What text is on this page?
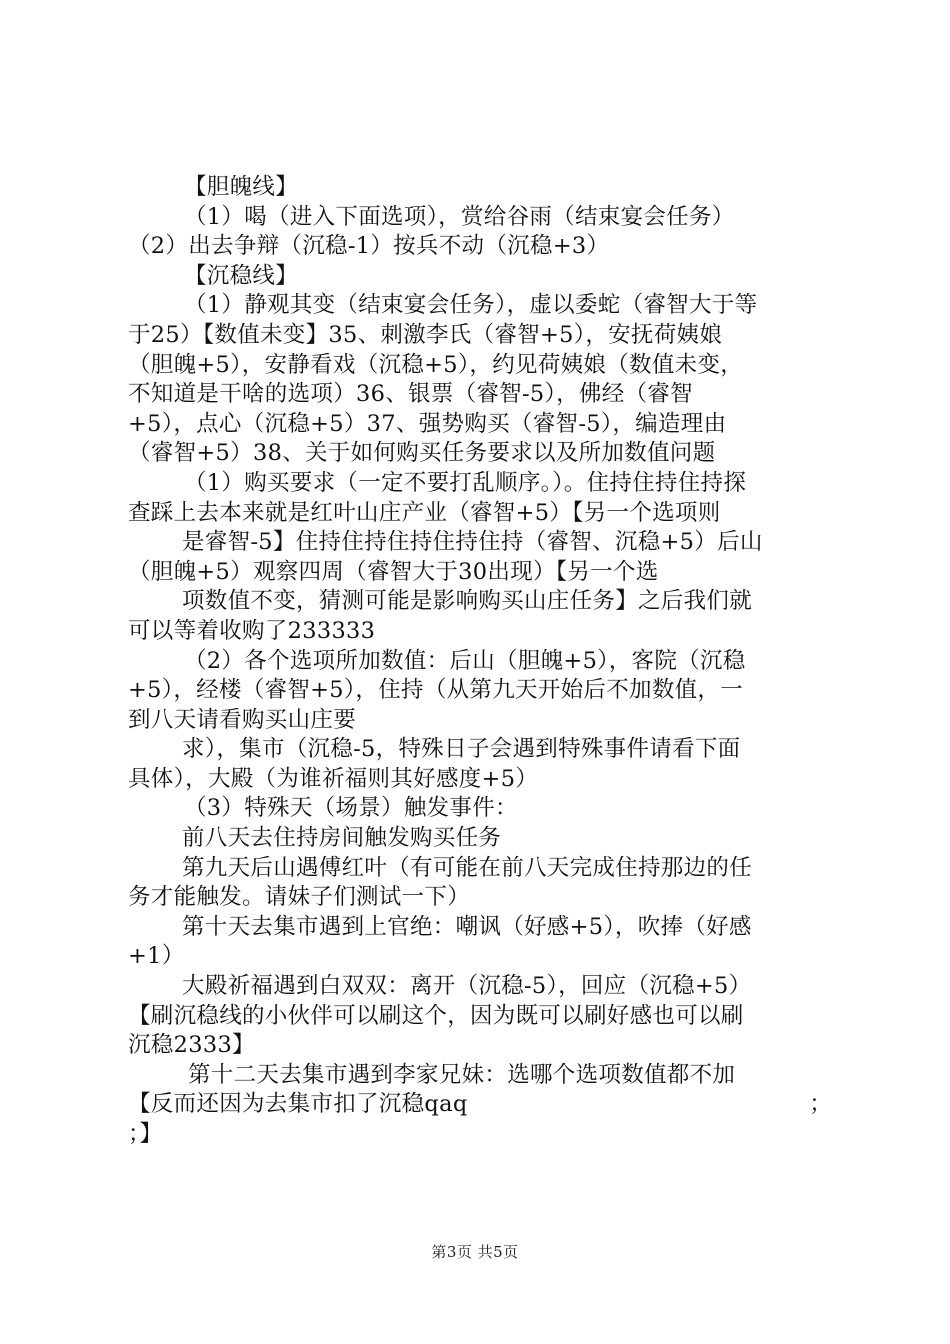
【胆魄线】
（1）喝（进入下面选项），赏给谷雨（结束宴会任务）
（2）出去争辩（沉稳-1）按兵不动（沉稳+3）
【沉稳线】
（1）静观其变（结束宴会任务），虚以委蛇（睿智大于等
于25）【数值未变】35、刺激李氏（睿智+5），安抚荷姨娘
（胆魄+5），安静看戏（沉稳+5），约见荷姨娘（数值未变，
不知道是干啥的选项）36、银票（睿智-5），佛经（睿智
+5），点心（沉稳+5）37、强势购买（睿智-5），编造理由
（睿智+5）38、关于如何购买任务要求以及所加数值问题
（1）购买要求（一定不要打乱顺序。）。住持住持住持探
查踩上去本来就是红叶山庄产业（睿智+5）【另一个选项则
是睿智-5】住持住持住持住持住持（睿智、沉稳+5）后山
（胆魄+5）观察四周（睿智大于30出现）【另一个选
项数值不变，猜测可能是影响购买山庄任务】之后我们就
可以等着收购了233333
（2）各个选项所加数值：后山（胆魄+5），客院（沉稳
+5），经楼（睿智+5），住持（从第九天开始后不加数值，一
到八天请看购买山庄要
求），集市（沉稳-5，特殊日子会遇到特殊事件请看下面
具体），大殿（为谁祈福则其好感度+5）
（3）特殊天（场景）触发事件：
前八天去住持房间触发购买任务
第九天后山遇傅红叶（有可能在前八天完成住持那边的任
务才能触发。请妹子们测试一下）
第十天去集市遇到上官绝：嘲讽（好感+5），吹捧（好感
+1）
大殿祈福遇到白双双：离开（沉稳-5），回应（沉稳+5）
【刷沉稳线的小伙伴可以刷这个，因为既可以刷好感也可以刷
沉稳2333】
第十二天去集市遇到李家兄妹：选哪个选项数值都不加
【反而还因为去集市扣了沉稳qaq	；
；】
第3页 共5页
